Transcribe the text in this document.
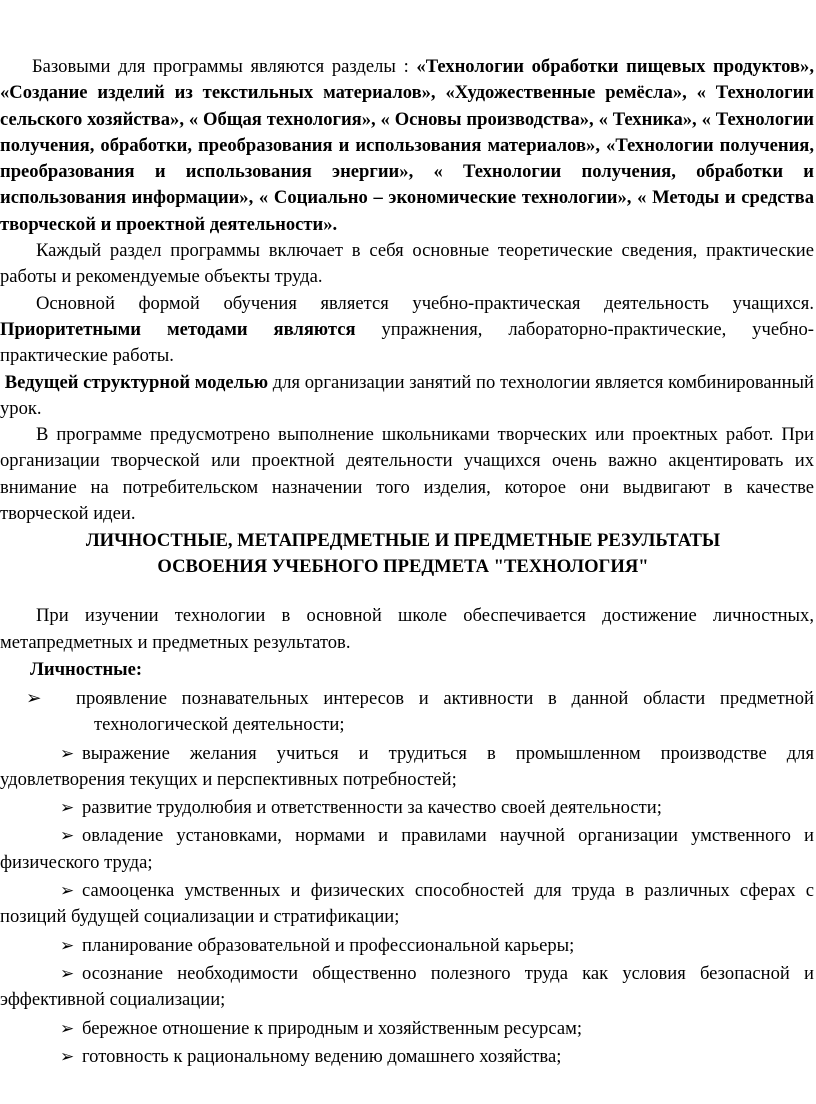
Базовыми для программы являются разделы : «Технологии обработки пищевых продуктов», «Создание изделий из текстильных материалов», «Художественные ремёсла», « Технологии сельского хозяйства», « Общая технология», « Основы производства», « Техника», « Технологии получения, обработки, преобразования и использования материалов», «Технологии получения, преобразования и использования энергии», « Технологии получения, обработки и использования информации», « Социально – экономические технологии», « Методы и средства творческой и проектной деятельности».

Каждый раздел программы включает в себя основные теоретические сведения, практические работы и рекомендуемые объекты труда.

Основной формой обучения является учебно-практическая деятельность учащихся. Приоритетными методами являются упражнения, лабораторно-практические, учебно-практические работы.

Ведущей структурной моделью для организации занятий по технологии является комбинированный урок.

В программе предусмотрено выполнение школьниками творческих или проектных работ. При организации творческой или проектной деятельности учащихся очень важно акцентировать их внимание на потребительском назначении того изделия, которое они выдвигают в качестве творческой идеи.

ЛИЧНОСТНЫЕ, МЕТАПРЕДМЕТНЫЕ И ПРЕДМЕТНЫЕ РЕЗУЛЬТАТЫ
ОСВОЕНИЯ УЧЕБНОГО ПРЕДМЕТА "ТЕХНОЛОГИЯ"

При изучении технологии в основной школе обеспечивается достижение личностных, метапредметных и предметных результатов.

Личностные:
➢ проявление познавательных интересов и активности в данной области предметной технологической деятельности;
➢ выражение желания учиться и трудиться в промышленном производстве для удовлетворения текущих и перспективных потребностей;
➢ развитие трудолюбия и ответственности за качество своей деятельности;
➢ овладение установками, нормами и правилами научной организации умственного и физического труда;
➢ самооценка умственных и физических способностей для труда в различных сферах с позиций будущей социализации и стратификации;
➢ планирование образовательной и профессиональной карьеры;
➢ осознание необходимости общественно полезного труда как условия безопасной и эффективной социализации;
➢ бережное отношение к природным и хозяйственным ресурсам;
➢ готовность к рациональному ведению домашнего хозяйства;
